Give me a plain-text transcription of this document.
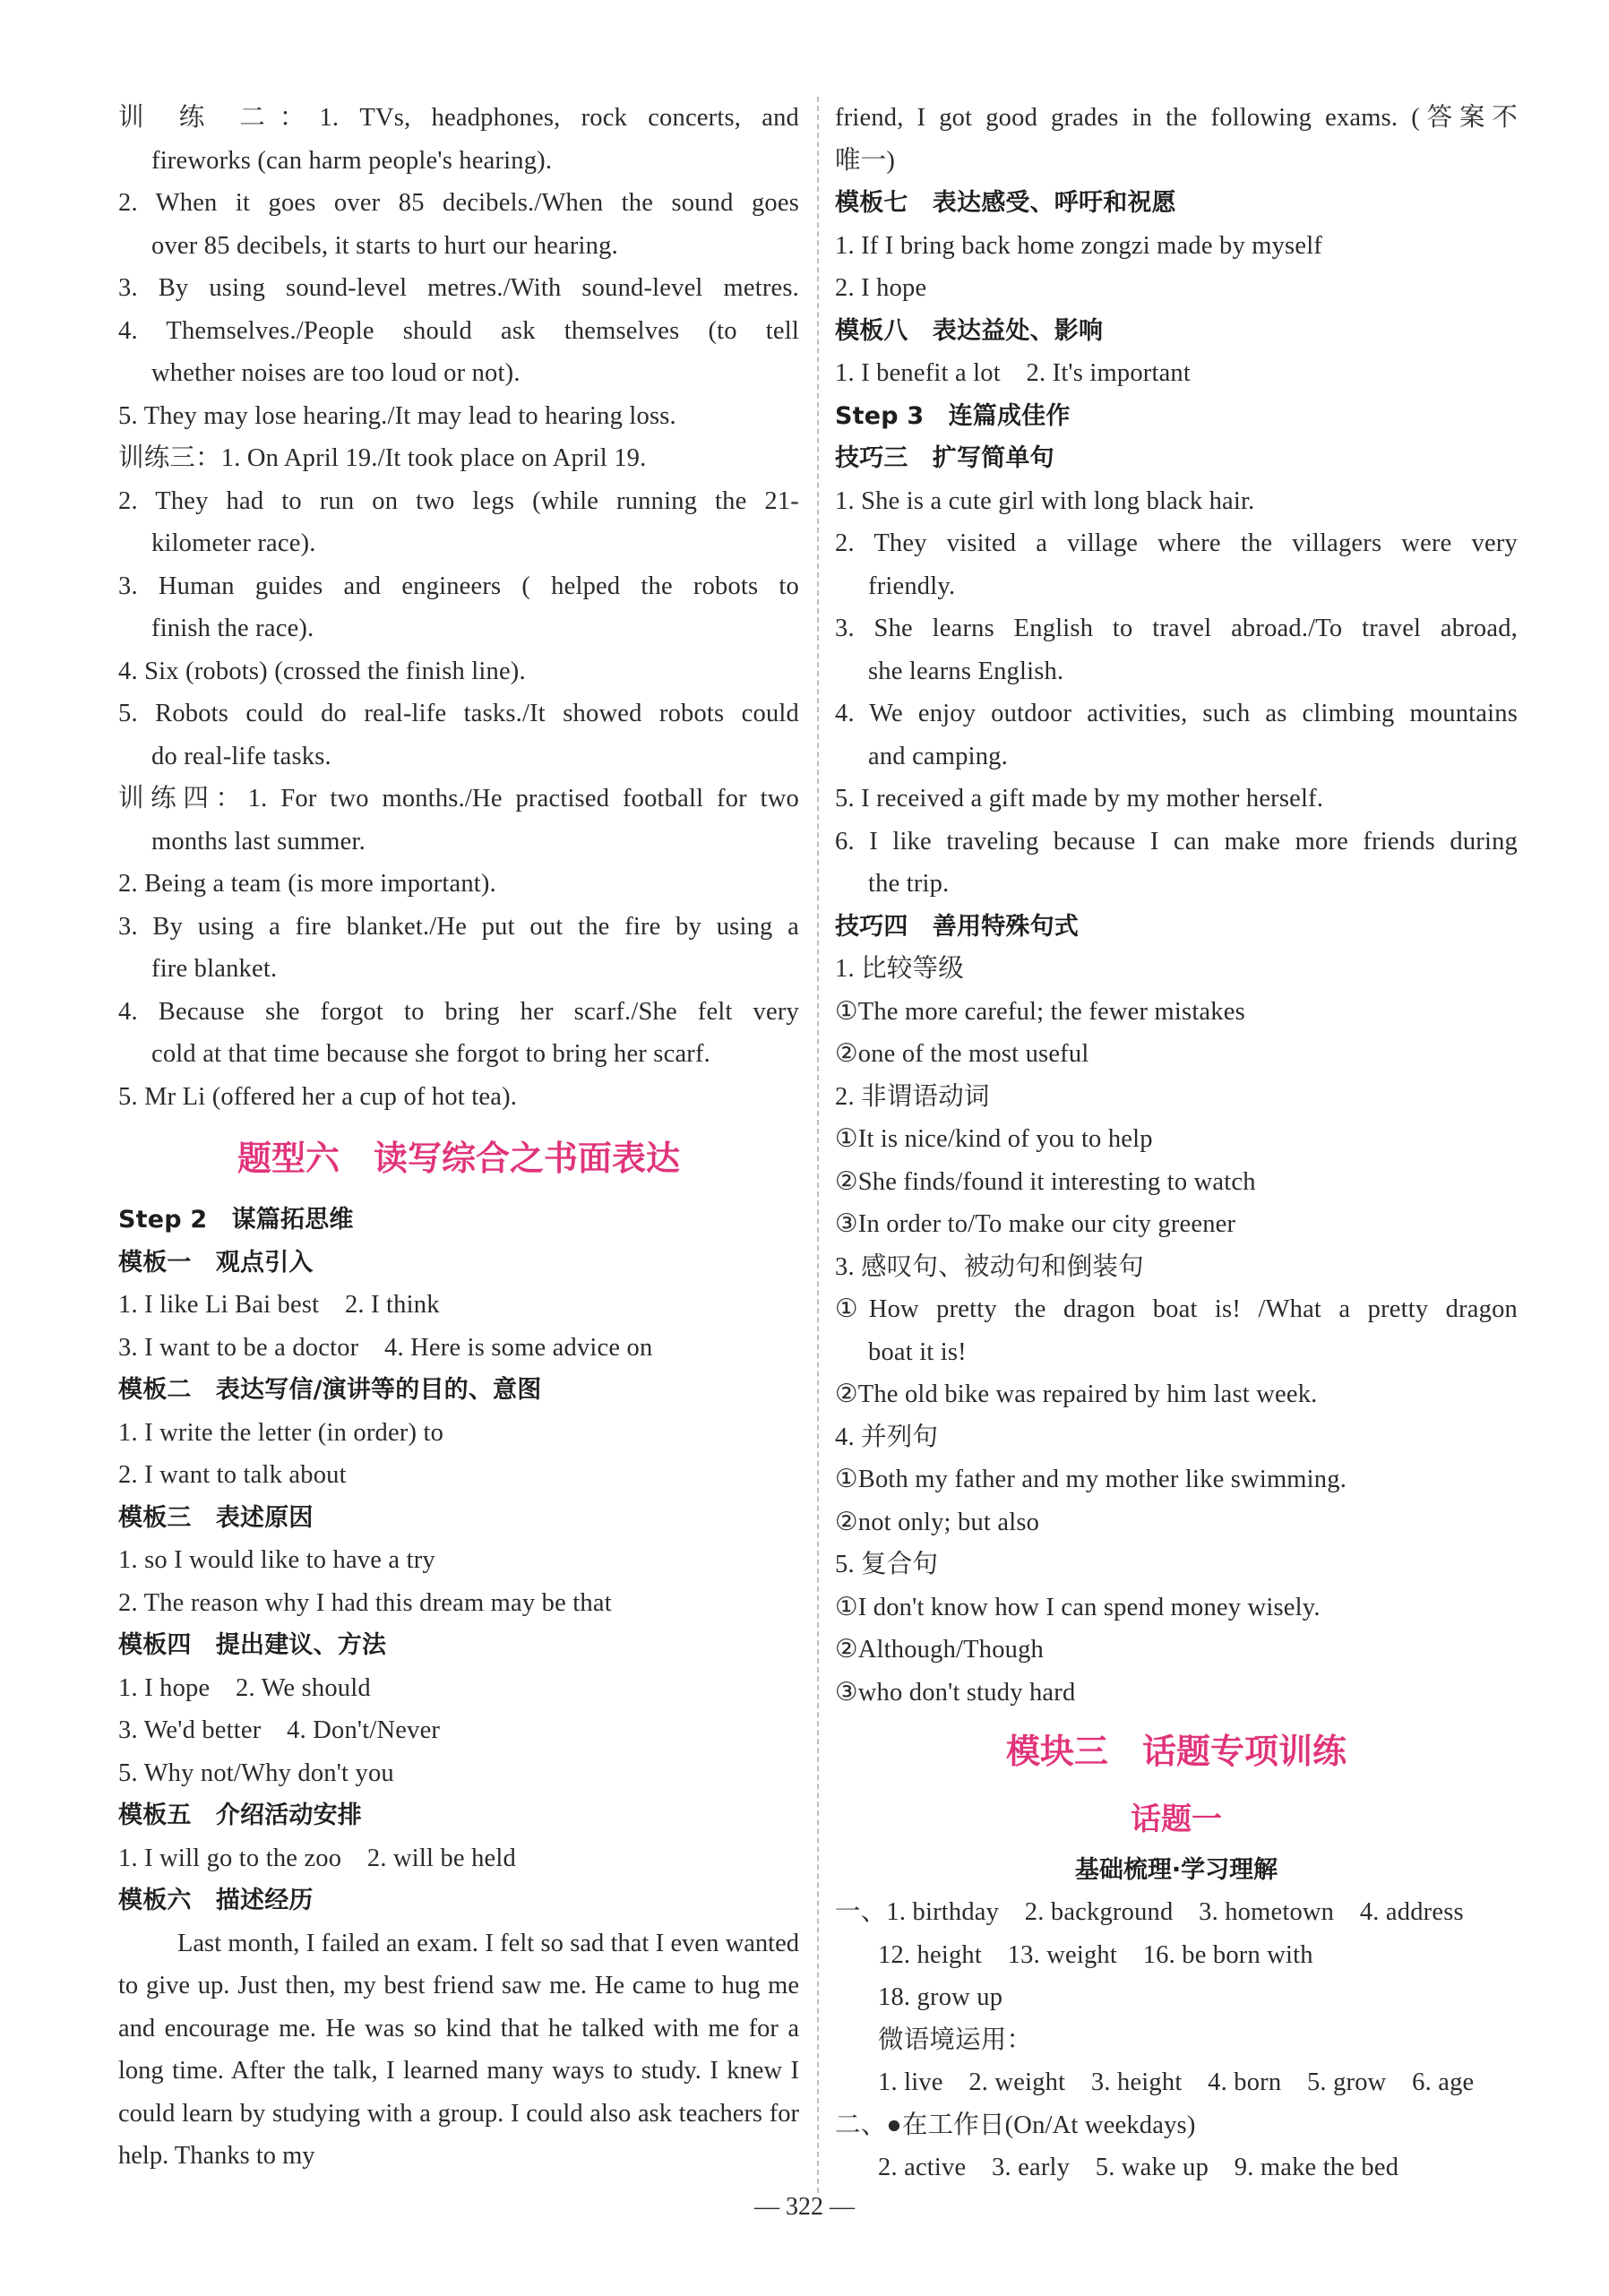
训 练 二：1. TVs, headphones, rock concerts, and
fireworks (can harm people's hearing).
2. When it goes over 85 decibels./When the sound goes
over 85 decibels, it starts to hurt our hearing.
3. By using sound-level metres./With sound-level metres.
4. Themselves./People should ask themselves (to tell
whether noises are too loud or not).
5. They may lose hearing./It may lead to hearing loss.
训练三：1. On April 19./It took place on April 19.
2. They had to run on two legs (while running the 21-
kilometer race).
3. Human guides and engineers ( helped the robots to
finish the race).
4. Six (robots) (crossed the finish line).
5. Robots could do real-life tasks./It showed robots could
do real-life tasks.
训练四：1. For two months./He practised football for two
months last summer.
2. Being a team (is more important).
3. By using a fire blanket./He put out the fire by using a
fire blanket.
4. Because she forgot to bring her scarf./She felt very
cold at that time because she forgot to bring her scarf.
5. Mr Li (offered her a cup of hot tea).
题型六　读写综合之书面表达
Step 2　谋篇拓思维
模板一　观点引入
1. I like Li Bai best　2. I think
3. I want to be a doctor　4. Here is some advice on
模板二　表达写信/演讲等的目的、意图
1. I write the letter (in order) to
2. I want to talk about
模板三　表述原因
1. so I would like to have a try
2. The reason why I had this dream may be that
模板四　提出建议、方法
1. I hope　2. We should
3. We'd better　4. Don't/Never
5. Why not/Why don't you
模板五　介绍活动安排
1. I will go to the zoo　2. will be held
模板六　描述经历

Last month, I failed an exam. I felt so sad that I even wanted to give up. Just then, my best friend saw me. He came to hug me and encourage me. He was so kind that he talked with me for a long time. After the talk, I learned many ways to study. I knew I could learn by studying with a group. I could also ask teachers for help. Thanks to my

friend, I got good grades in the following exams. (答案不
唯一)
模板七　表达感受、呼吁和祝愿
1. If I bring back home zongzi made by myself
2. I hope
模板八　表达益处、影响
1. I benefit a lot　2. It's important
Step 3　连篇成佳作
技巧三　扩写简单句
1. She is a cute girl with long black hair.
2. They visited a village where the villagers were very
friendly.
3. She learns English to travel abroad./To travel abroad,
she learns English.
4. We enjoy outdoor activities, such as climbing mountains
and camping.
5. I received a gift made by my mother herself.
6. I like traveling because I can make more friends during
the trip.
技巧四　善用特殊句式
1. 比较等级
①The more careful; the fewer mistakes
②one of the most useful
2. 非谓语动词
①It is nice/kind of you to help
②She finds/found it interesting to watch
③In order to/To make our city greener
3. 感叹句、被动句和倒装句
①How pretty the dragon boat is! /What a pretty dragon
boat it is!
②The old bike was repaired by him last week.
4. 并列句
①Both my father and my mother like swimming.
②not only; but also
5. 复合句
①I don't know how I can spend money wisely.
②Although/Though
③who don't study hard
模块三　话题专项训练
话题一
基础梳理·学习理解
一、1. birthday　2. background　3. hometown　4. address
12. height　13. weight　16. be born with
18. grow up
微语境运用：
1. live　2. weight　3. height　4. born　5. grow　6. age
二、●在工作日(On/At weekdays)
2. active　3. early　5. wake up　9. make the bed
— 322 —
